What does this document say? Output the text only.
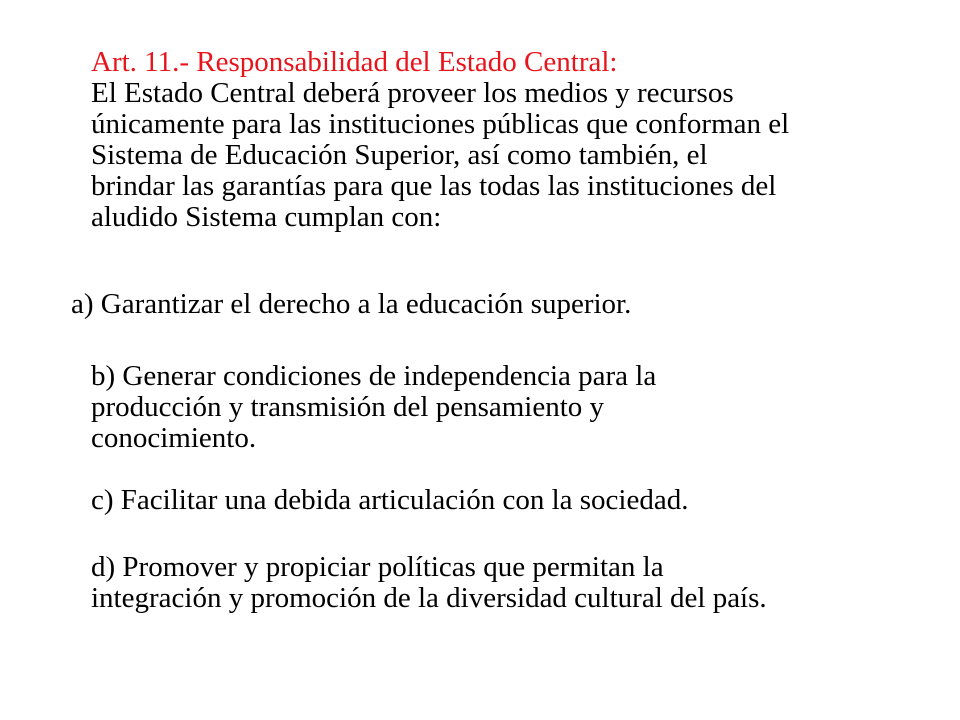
Art. 11.- Responsabilidad del Estado Central:

El Estado Central deberá proveer los medios y recursos

únicamente para las instituciones públicas que conforman el

Sistema de Educación Superior, así como también, el

brindar las garantías para que las todas las instituciones del

aludido Sistema cumplan con:

a) Garantizar el derecho a la educación superior.

b) Generar condiciones de independencia para la

producción y transmisión del pensamiento y

conocimiento.

c) Facilitar una debida articulación con la sociedad.

d) Promover y propiciar políticas que permitan la

integración y promoción de la diversidad cultural del país.
